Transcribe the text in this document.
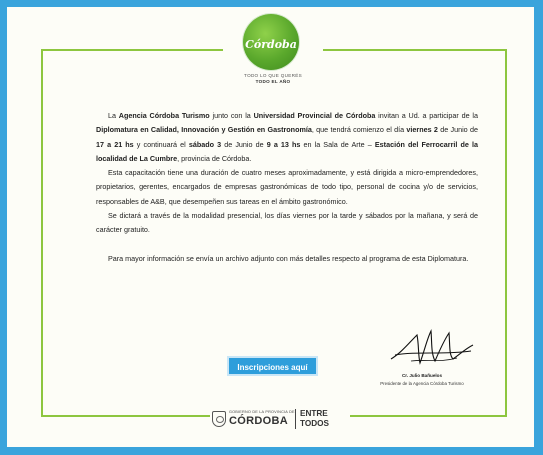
Córdoba
TODO LO QUE QUERÉS
TODO EL AÑO

La Agencia Córdoba Turismo junto con la Universidad Provincial de Córdoba invitan a Ud. a participar de la Diplomatura en Calidad, Innovación y Gestión en Gastronomía, que tendrá comienzo el día viernes 2 de Junio de 17 a 21 hs y continuará el sábado 3 de Junio de 9 a 13 hs en la Sala de Arte – Estación del Ferrocarril de la localidad de La Cumbre, provincia de Córdoba.

Esta capacitación tiene una duración de cuatro meses aproximadamente, y está dirigida a micro-emprendedores, propietarios, gerentes, encargados de empresas gastronómicas de todo tipo, personal de cocina y/o de servicios, responsables de A&B, que desempeñen sus tareas en el ámbito gastronómico.

Se dictará a través de la modalidad presencial, los días viernes por la tarde y sábados por la mañana, y será de carácter gratuito.

Para mayor información se envía un archivo adjunto con más detalles respecto al programa de esta Diplomatura.

Inscripciones aquí
Cr. Julio Bañuelos
Presidente de la Agencia Córdoba Turismo
GOBIERNO DE LA PROVINCIA DE
CÓRDOBA
ENTRE
TODOS
